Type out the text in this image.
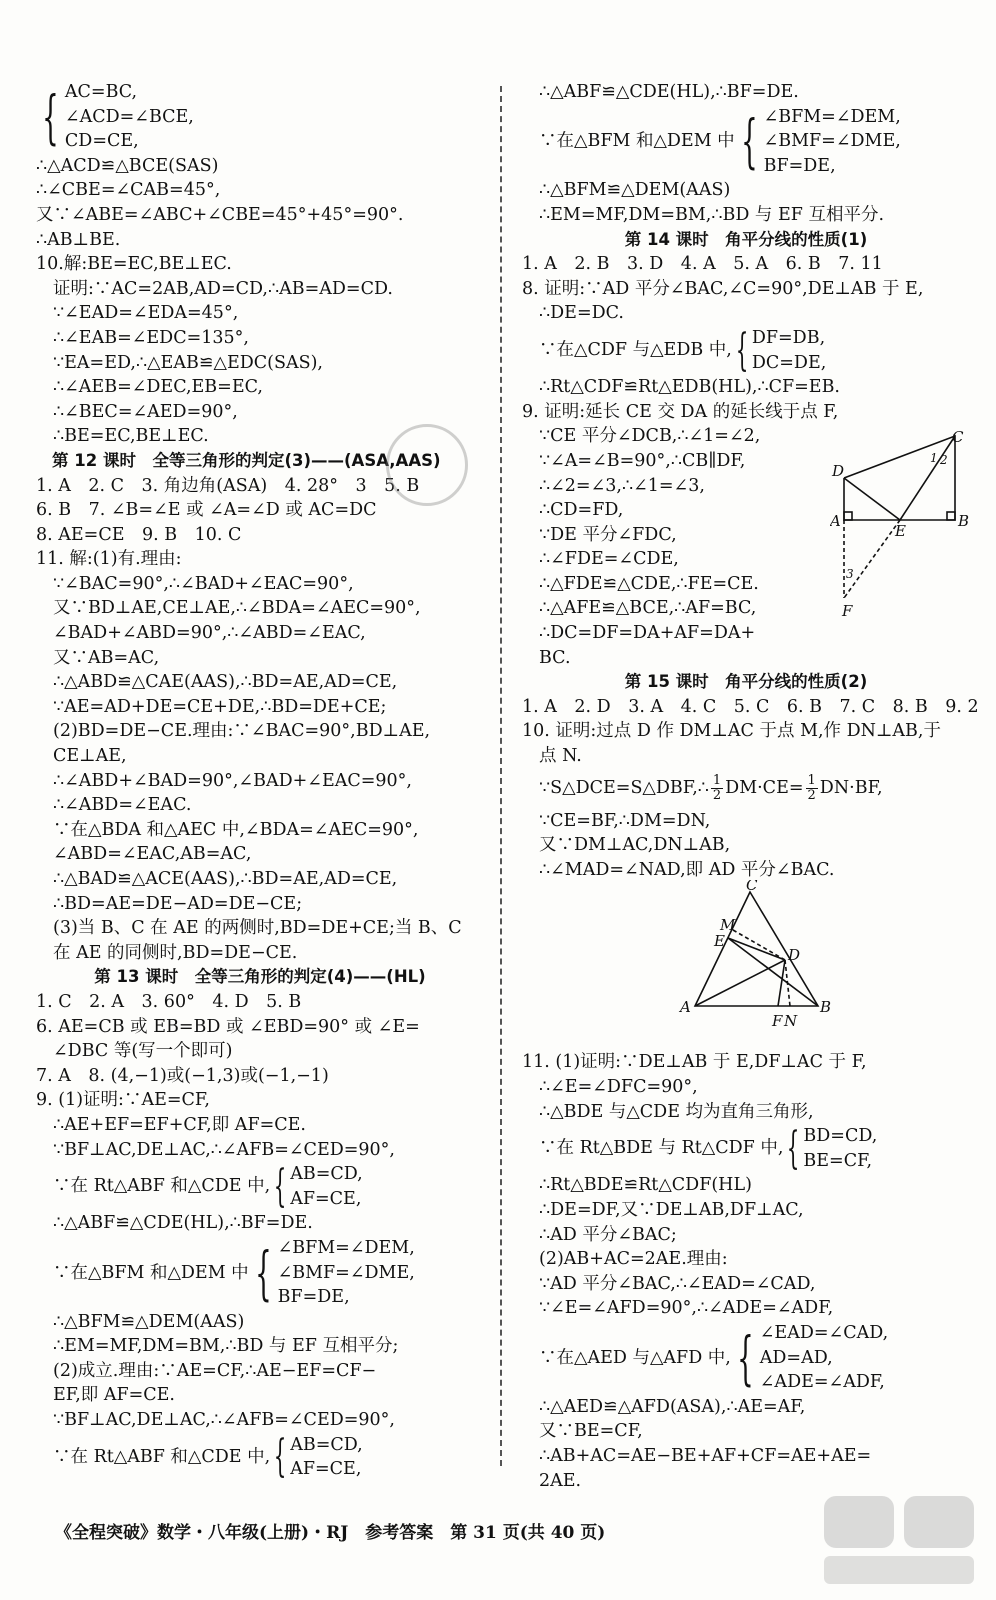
{ AC=BC,
∠ACD=∠BCE,
CD=CE,
∴△ACD≌△BCE(SAS)
∴∠CBE=∠CAB=45°,
又∵∠ABE=∠ABC+∠CBE=45°+45°=90°.
∴AB⊥BE.
10.解:BE=EC,BE⊥EC.
证明:∵AC=2AB,AD=CD,∴AB=AD=CD.
∵∠EAD=∠EDA=45°,
∴∠EAB=∠EDC=135°,
∵EA=ED,∴△EAB≌△EDC(SAS),
∴∠AEB=∠DEC,EB=EC,
∴∠BEC=∠AED=90°,
∴BE=EC,BE⊥EC.
第 12 课时　全等三角形的判定(3)——(ASA,AAS)
1. A　2. C　3. 角边角(ASA)　4. 28°　3　5. B
6. B　7. ∠B=∠E 或 ∠A=∠D 或 AC=DC
8. AE=CE　9. B　10. C
11. 解:(1)有.理由:
∵∠BAC=90°,∴∠BAD+∠EAC=90°,
又∵BD⊥AE,CE⊥AE,∴∠BDA=∠AEC=90°,
∠BAD+∠ABD=90°,∴∠ABD=∠EAC,
又∵AB=AC,
∴△ABD≌△CAE(AAS),∴BD=AE,AD=CE,
∵AE=AD+DE=CE+DE,∴BD=DE+CE;
(2)BD=DE−CE.理由:∵∠BAC=90°,BD⊥AE,
CE⊥AE,
∴∠ABD+∠BAD=90°,∠BAD+∠EAC=90°,
∴∠ABD=∠EAC.
∵在△BDA 和△AEC 中,∠BDA=∠AEC=90°,
∠ABD=∠EAC,AB=AC,
∴△BAD≌△ACE(AAS),∴BD=AE,AD=CE,
∴BD=AE=DE−AD=DE−CE;
(3)当 B、C 在 AE 的两侧时,BD=DE+CE;当 B、C
在 AE 的同侧时,BD=DE−CE.
第 13 课时　全等三角形的判定(4)——(HL)
1. C　2. A　3. 60°　4. D　5. B
6. AE=CB 或 EB=BD 或 ∠EBD=90° 或 ∠E=
∠DBC 等(写一个即可)
7. A　8. (4,−1)或(−1,3)或(−1,−1)
9. (1)证明:∵AE=CF,
∴AE+EF=EF+CF,即 AF=CE.
∵BF⊥AC,DE⊥AC,∴∠AFB=∠CED=90°,
∵在 Rt△ABF 和△CDE 中, { AB=CD,
AF=CE,
∴△ABF≌△CDE(HL),∴BF=DE.
∵在△BFM 和△DEM 中 { ∠BFM=∠DEM,
∠BMF=∠DME,
BF=DE,
∴△BFM≌△DEM(AAS)
∴EM=MF,DM=BM,∴BD 与 EF 互相平分;
(2)成立.理由:∵AE=CF,∴AE−EF=CF−
EF,即 AF=CE.
∵BF⊥AC,DE⊥AC,∴∠AFB=∠CED=90°,
∵在 Rt△ABF 和△CDE 中, { AB=CD,
AF=CE,
∴△ABF≌△CDE(HL),∴BF=DE.
∵在△BFM 和△DEM 中 { ∠BFM=∠DEM,
∠BMF=∠DME,
BF=DE,
∴△BFM≌△DEM(AAS)
∴EM=MF,DM=BM,∴BD 与 EF 互相平分.
第 14 课时　角平分线的性质(1)
1. A　2. B　3. D　4. A　5. A　6. B　7. 11
8. 证明:∵AD 平分∠BAC,∠C=90°,DE⊥AB 于 E,
∴DE=DC.
∵在△CDF 与△EDB 中, { DF=DB,
DC=DE,
∴Rt△CDF≌Rt△EDB(HL),∴CF=EB.
9. 证明:延长 CE 交 DA 的延长线于点 F,
∵CE 平分∠DCB,∴∠1=∠2,
∵∠A=∠B=90°,∴CB∥DF,
∴∠2=∠3,∴∠1=∠3,
∴CD=FD,
∵DE 平分∠FDC,
∴∠FDE=∠CDE,
∴△FDE≌△CDE,∴FE=CE.
∴△AFE≌△BCE,∴AF=BC,
∴DC=DF=DA+AF=DA+
BC.
第 15 课时　角平分线的性质(2)
1. A　2. D　3. A　4. C　5. C　6. B　7. C　8. B　9. 2
10. 证明:过点 D 作 DM⊥AC 于点 M,作 DN⊥AB,于
点 N.
∵S△DCE=S△DBF,∴ $\frac{1}{2} DM\cdot CE= \frac{1}{2} DN\cdot BF$,
∵CE=BF,∴DM=DN,
又∵DM⊥AC,DN⊥AB,
∴∠MAD=∠NAD,即 AD 平分∠BAC.
11. (1)证明:∵DE⊥AB 于 E,DF⊥AC 于 F,
∴∠E=∠DFC=90°,
∴△BDE 与△CDE 均为直角三角形,
∵在 Rt△BDE 与 Rt△CDF 中, { BD=CD,
BE=CF,
∴Rt△BDE≌Rt△CDF(HL)
∴DE=DF,又∵DE⊥AB,DF⊥AC,
∴AD 平分∠BAC;
(2)AB+AC=2AE.理由:
∵AD 平分∠BAC,∴∠EAD=∠CAD,
∵∠E=∠AFD=90°,∴∠ADE=∠ADF,
∵在△AED 与△AFD 中, { ∠EAD=∠CAD,
AD=AD,
∠ADE=∠ADF,
∴△AED≌△AFD(ASA),∴AE=AF,
又∵BE=CF,
∴AB+AC=AE−BE+AF+CF=AE+AE=
2AE.
C
D
1 2
A
E
B
3
F
C
M
E
D
A
F N
B
《全程突破》数学・八年级(上册)・RJ　参考答案　第 31 页(共 40 页)
